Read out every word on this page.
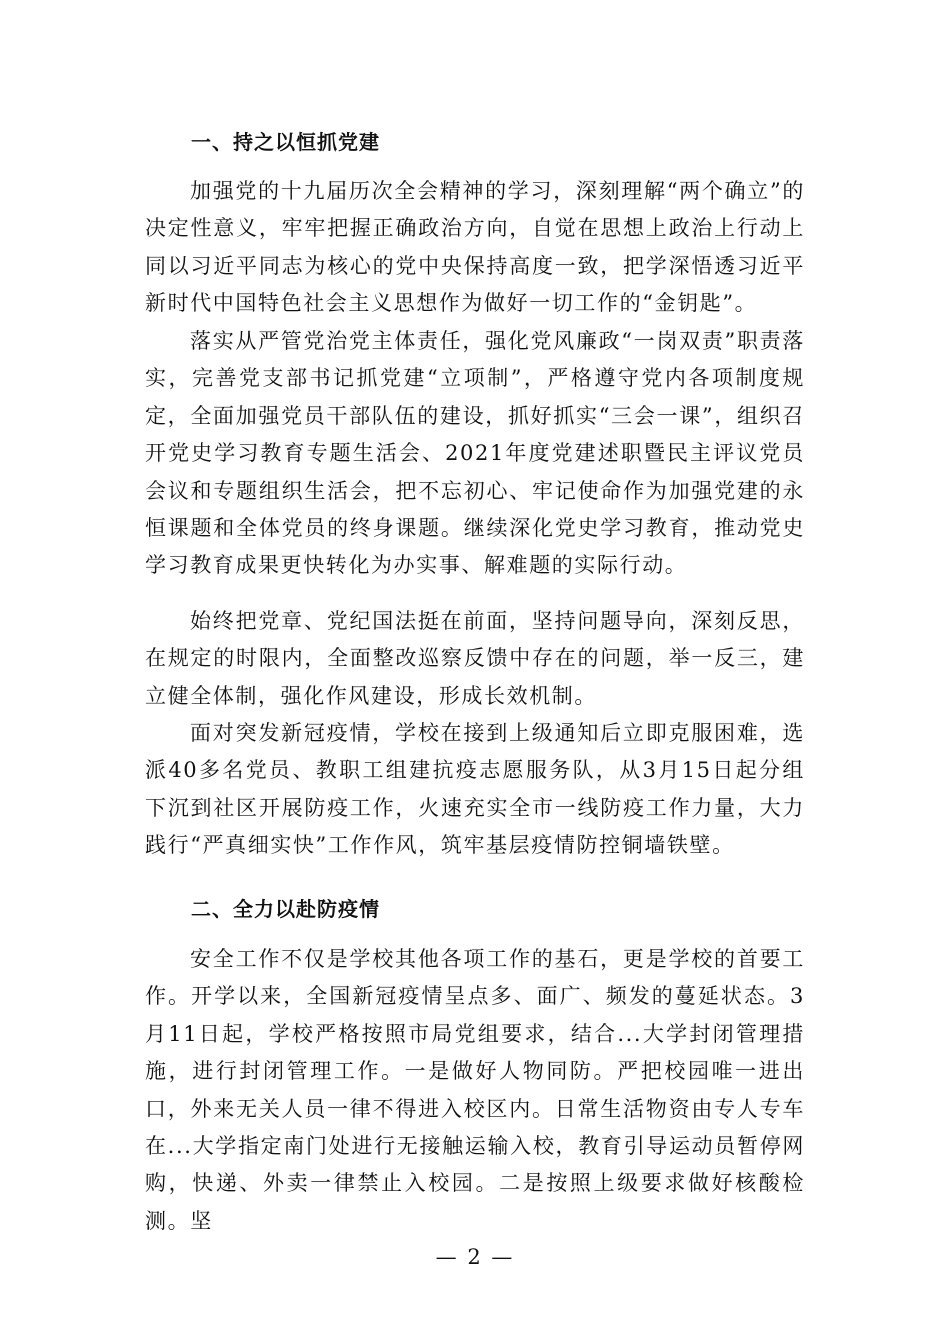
一、持之以恒抓党建

加强党的十九届历次全会精神的学习，深刻理解“两个确立”的决定性意义，牢牢把握正确政治方向，自觉在思想上政治上行动上同以习近平同志为核心的党中央保持高度一致，把学深悟透习近平新时代中国特色社会主义思想作为做好一切工作的“金钥匙”。

落实从严管党治党主体责任，强化党风廉政“一岗双责”职责落实，完善党支部书记抓党建“立项制”，严格遵守党内各项制度规定，全面加强党员干部队伍的建设，抓好抓实“三会一课”，组织召开党史学习教育专题生活会、2021年度党建述职暨民主评议党员会议和专题组织生活会，把不忘初心、牢记使命作为加强党建的永恒课题和全体党员的终身课题。继续深化党史学习教育，推动党史学习教育成果更快转化为办实事、解难题的实际行动。

始终把党章、党纪国法挺在前面，坚持问题导向，深刻反思，在规定的时限内，全面整改巡察反馈中存在的问题，举一反三，建立健全体制，强化作风建设，形成长效机制。

面对突发新冠疫情，学校在接到上级通知后立即克服困难，选派40多名党员、教职工组建抗疫志愿服务队，从3月15日起分组下沉到社区开展防疫工作，火速充实全市一线防疫工作力量，大力践行“严真细实快”工作作风，筑牢基层疫情防控铜墙铁壁。

二、全力以赴防疫情

安全工作不仅是学校其他各项工作的基石，更是学校的首要工作。开学以来，全国新冠疫情呈点多、面广、频发的蔓延状态。3月11日起，学校严格按照市局党组要求，结合...大学封闭管理措施，进行封闭管理工作。一是做好人物同防。严把校园唯一进出口，外来无关人员一律不得进入校区内。日常生活物资由专人专车在...大学指定南门处进行无接触运输入校，教育引导运动员暂停网购，快递、外卖一律禁止入校园。二是按照上级要求做好核酸检测。坚

— 2 —
